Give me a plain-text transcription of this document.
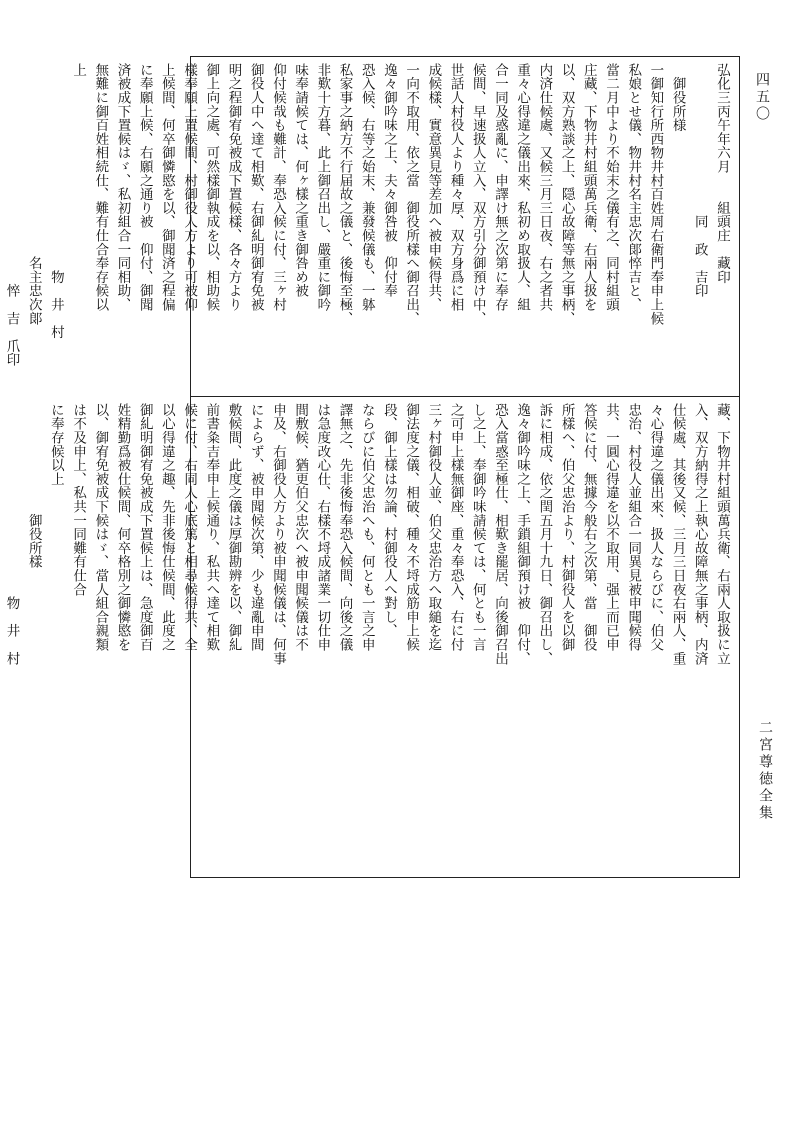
四五〇
二宮尊徳全集
弘化三丙午年六月　　組頭庄　藏印
　　　　　　　　　　　同　政　吉印
　御役所様
一御知行所西物井村百姓周右衛門奉申上候
私娘とせ儀、物井村名主忠次郞悴吉と、
當二月中より不始末之儀有之、同村組頭
庄藏、下物井村組頭萬兵衛、右兩人扱を
以、双方熟談之上、隠心故障等無之事柄、
内済仕候處、又候三月三日夜、右之者共
重々心得違之儀出來、私初め取扱人、組
合一同及惑亂に、申譯け無之次第に奉存
候間、早速扱人立入、双方引分御預け中、
世話人村役人より種々厚、双方身爲に相
成候樣、實意異見等差加へ被申候得共、
一向不取用、依之當　御役所樣へ御召出、
逸々御吟味之上、夫々御咎被　仰付奉
恐入候、右等之始末、兼發候儀も、一躰
私家事之納方不行届故之儀と、後悔至極、
非歎十方暮、此上御召出し、嚴重に御吟
味奉請候ては、何ヶ樣之重き御咎め被
仰付候哉も難計、奉恐入候に付、三ヶ村
御役人中へ達て相歎、右御糺明御宥免被
明之程御宥免被成下置候樣、各々方より
御上向之處、可然樣御執成を以、相助候
樣奉願上置候間、村御役人方より可被仰
上候間、何卒御憐愍を以、御聞済之程偏
に奉願上候、右願之通り被　仰付、御聞
済被成下置候はゞ、私初組合一同相助、
無難に御百姓相続仕、難有仕合奉存候以
上
　　　　　　　　　　　　　　　物　井　村
　　　　　　　　　　　　　　名主忠次郞
　　　　　　　　　　　　　　　　悴　吉　爪印

藏、下物井村組頭萬兵衛、右兩人取扱に立
入、双方納得之上執心故障無之事柄、内済
仕候處、其後又候、三月三日夜右兩人、重
々心得違之儀出來、扱人ならびに、伯父
忠治、村役人並組合一同異見被申聞候得
共、一圓心得違を以不取用、强上而已申
答候に付、無據今般右之次第、當　御役
所樣へ、伯父忠治より、村御役人を以御
訴に相成、依之閏五月十九日、御召出し、
逸々御吟味之上、手鎖組御預け被　仰付、
恐入當惑至極仕、相歎き罷居、向後御召出
し之上、奉御吟味請候ては、何とも一言
之可申上樣無御座、重々奉恐入、右に付
三ヶ村御役人並、伯父忠治方へ取縋を迄
御法度之儀、相破、種々不埒成筋申上候
段、御上樣は勿論、村御役人へ對し、
ならびに伯父忠治へも、何とも一言之申
譯無之、先非後悔奉恐入候間、向後之儀
は急度改心仕、右樣不埒成諸業一切仕申
間敷候、猶更伯父忠次へ被申聞候儀は不
申及、右御役人方より被申聞候儀は、何事
によらず、被申聞候次第、少も違亂申間
敷候間、此度之儀は厚御勘辨を以、御糺
前書粂吉奉申上候通り、私共へ達て相歎
候に付、右同人心底篤と相尋候得共、全
以心得違之趣、先非後悔仕候間、此度之
御糺明御宥免被成下置候上は、急度御百
姓精勤爲被仕候間、何卒格別之御憐愍を
以、御宥免被成下候はゞ、當人組合親類
は不及申上、私共一同難有仕合
に奉存候以上
　　　　　　　　御役所樣
　　　　　　　　　　　　　　物　井　村
